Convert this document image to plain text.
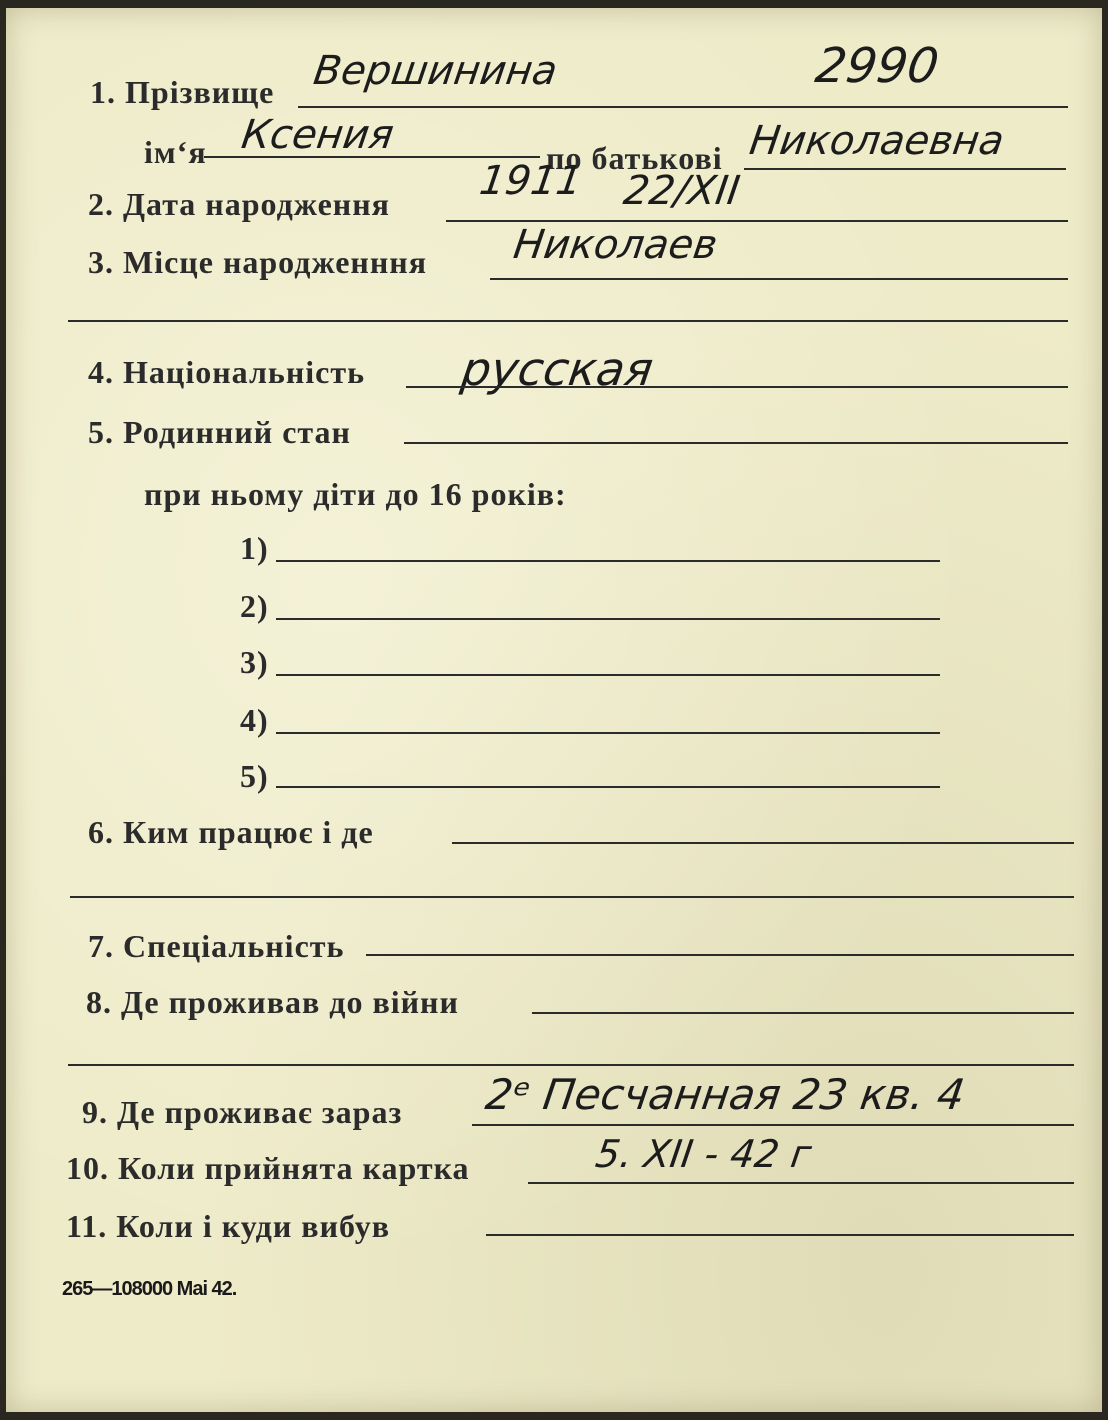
1. Прізвище Вершинина	2990
ім‘я Ксения	по батькові Николаевна
2. Дата народження 1911 22/XII
3. Місце народженння Николаев
4. Національність русская
5. Родинний стан
при ньому діти до 16 років:
1)
2)
3)
4)
5)
6. Ким працює і де
7. Спеціальність
8. Де проживав до війни
9. Де проживає зараз 2ᵉ Песчанная 23 кв. 4
10. Коли прийнята картка	5. XII - 42 г
11. Коли і куди вибув
265—108000 Mai 42.
